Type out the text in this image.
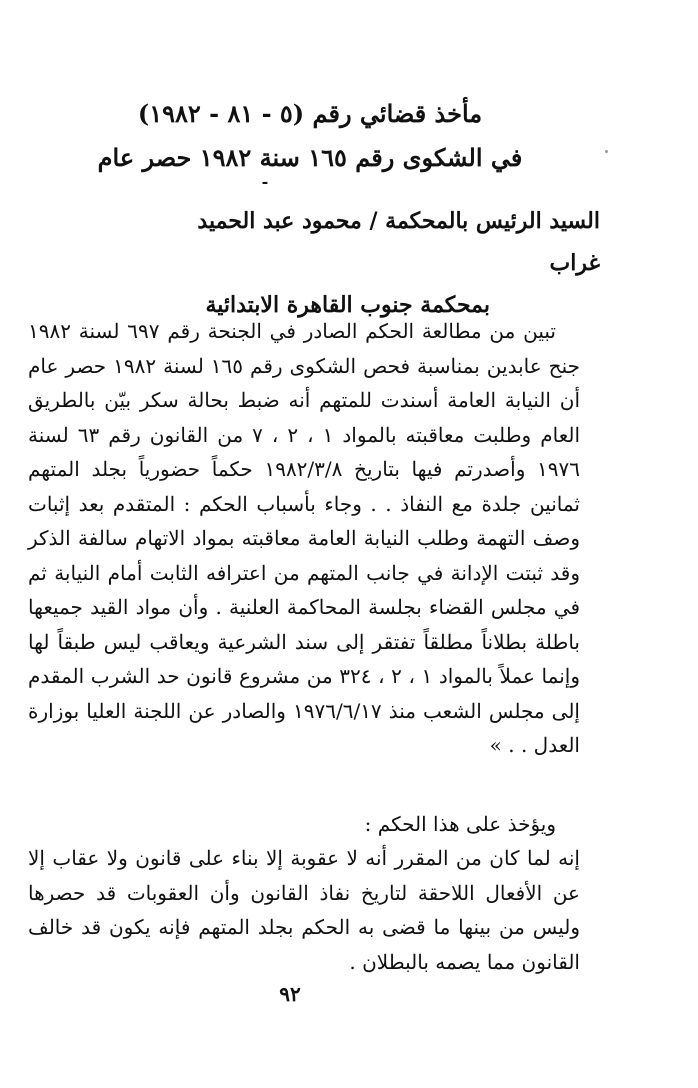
مأخذ قضائي رقم (٥ - ٨١ - ١٩٨٢)
في الشكوى رقم ١٦٥ سنة ١٩٨٢ حصر عام
-
السيد الرئيس بالمحكمة / محمود عبد الحميد غراب
بمحكمة جنوب القاهرة الابتدائية
تبين من مطالعة الحكم الصادر في الجنحة رقم ٦٩٧ لسنة ١٩٨٢ جنح عابدين بمناسبة فحص الشكوى رقم ١٦٥ لسنة ١٩٨٢ حصر عام أن النيابة العامة أسندت للمتهم أنه ضبط بحالة سكر بيّن بالطريق العام وطلبت معاقبته بالمواد ١ ، ٢ ، ٧ من القانون رقم ٦٣ لسنة ١٩٧٦ وأصدرتم فيها بتاريخ ١٩٨٢/٣/٨ حكماً حضورياً بجلد المتهم ثمانين جلدة مع النفاذ . . وجاء بأسباب الحكم : المتقدم بعد إثبات وصف التهمة وطلب النيابة العامة معاقبته بمواد الاتهام سالفة الذكر وقد ثبتت الإدانة في جانب المتهم من اعترافه الثابت أمام النيابة ثم في مجلس القضاء بجلسة المحاكمة العلنية . وأن مواد القيد جميعها باطلة بطلاناً مطلقاً تفتقر إلى سند الشرعية ويعاقب ليس طبقاً لها وإنما عملاً بالمواد ١ ، ٢ ، ٣٢٤ من مشروع قانون حد الشرب المقدم إلى مجلس الشعب منذ ١٩٧٦/٦/١٧ والصادر عن اللجنة العليا بوزارة العدل . . »
ويؤخذ على هذا الحكم :
إنه لما كان من المقرر أنه لا عقوبة إلا بناء على قانون ولا عقاب إلا عن الأفعال اللاحقة لتاريخ نفاذ القانون وأن العقوبات قد حصرها وليس من بينها ما قضى به الحكم بجلد المتهم فإنه يكون قد خالف القانون مما يصمه بالبطلان .
٩٢
